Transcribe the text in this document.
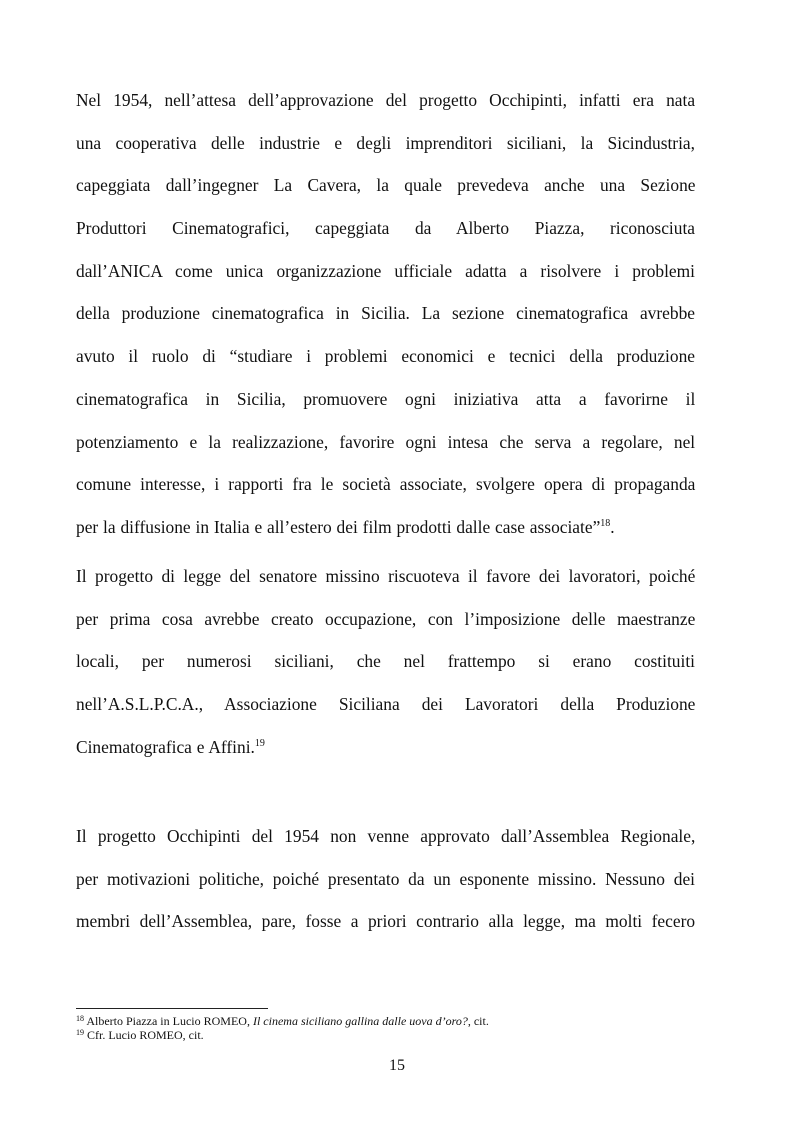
Nel 1954, nell’attesa dell’approvazione del progetto Occhipinti, infatti era nata
una cooperativa delle industrie e degli imprenditori siciliani, la Sicindustria,
capeggiata dall’ingegner La Cavera, la quale prevedeva anche una Sezione
Produttori Cinematografici, capeggiata da Alberto Piazza, riconosciuta
dall’ANICA come unica organizzazione ufficiale adatta a risolvere i problemi
della produzione cinematografica in Sicilia. La sezione cinematografica avrebbe
avuto il ruolo di “studiare i problemi economici e tecnici della produzione
cinematografica in Sicilia, promuovere ogni iniziativa atta a favorirne il
potenziamento e la realizzazione, favorire ogni intesa che serva a regolare, nel
comune interesse, i rapporti fra le società associate, svolgere opera di propaganda
per la diffusione in Italia e all’estero dei film prodotti dalle case associate”$^{18}$.
Il progetto di legge del senatore missino riscuoteva il favore dei lavoratori, poiché
per prima cosa avrebbe creato occupazione, con l’imposizione delle maestranze
locali, per numerosi siciliani, che nel frattempo si erano costituiti
nell’A.S.L.P.C.A., Associazione Siciliana dei Lavoratori della Produzione
Cinematografica e Affini.$^{19}$
Il progetto Occhipinti del 1954 non venne approvato dall’Assemblea Regionale,
per motivazioni politiche, poiché presentato da un esponente missino. Nessuno dei
membri dell’Assemblea, pare, fosse a priori contrario alla legge, ma molti fecero
$^{18}$ Alberto Piazza in Lucio ROMEO, Il cinema siciliano gallina dalle uova d’oro?, cit.
$^{19}$ Cfr. Lucio ROMEO, cit.
15
